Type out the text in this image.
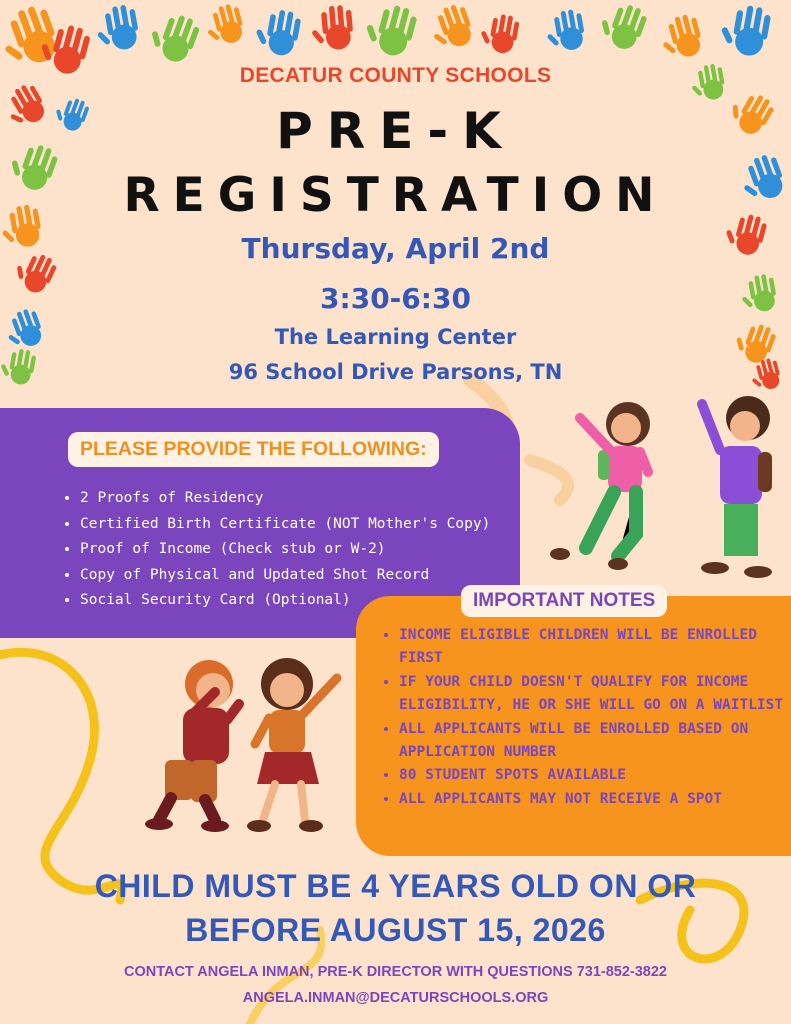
DECATUR COUNTY SCHOOLS
PRE-K
REGISTRATION
Thursday, April 2nd
3:30-6:30
The Learning Center
96 School Drive Parsons, TN
PLEASE PROVIDE THE FOLLOWING:
• 2 Proofs of Residency
• Certified Birth Certificate (NOT Mother's Copy)
• Proof of Income (Check stub or W-2)
• Copy of Physical and Updated Shot Record
• Social Security Card (Optional)	IMPORTANT NOTES
• INCOME ELIGIBLE CHILDREN WILL BE ENROLLED FIRST
• IF YOUR CHILD DOESN'T QUALIFY FOR INCOME ELIGIBILITY, HE OR SHE WILL GO ON A WAITLIST
• ALL APPLICANTS WILL BE ENROLLED BASED ON APPLICATION NUMBER
• 80 STUDENT SPOTS AVAILABLE
• ALL APPLICANTS MAY NOT RECEIVE A SPOT
CHILD MUST BE 4 YEARS OLD ON OR
BEFORE AUGUST 15, 2026
CONTACT ANGELA INMAN, PRE-K DIRECTOR WITH QUESTIONS 731-852-3822
ANGELA.INMAN@DECATURSCHOOLS.ORG
